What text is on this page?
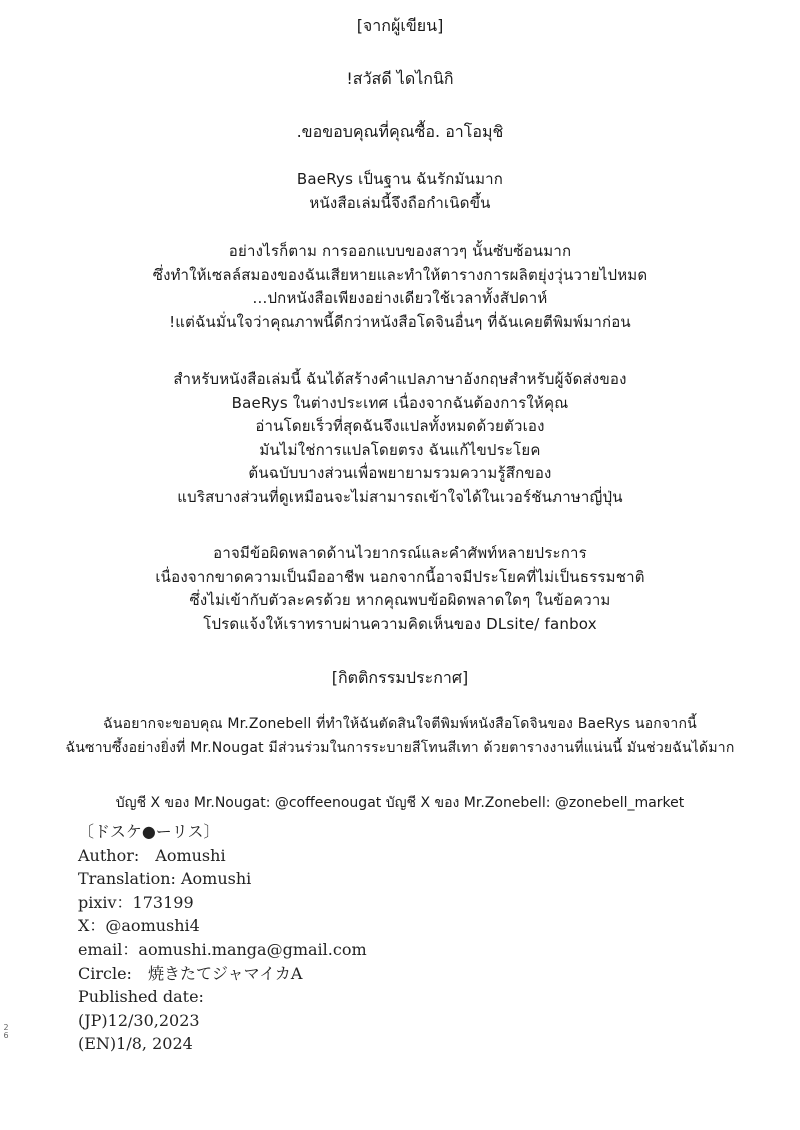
[จากผู้เขียน]
!สวัสดี ไดไกนิกิ
.ขอขอบคุณที่คุณซื้อ. อาโอมุชิ
BaeRys เป็นฐาน ฉันรักมันมาก
หนังสือเล่มนี้จึงถือกำเนิดขึ้น
อย่างไรก็ตาม การออกแบบของสาวๆ นั้นซับซ้อนมาก
ซึ่งทำให้เซลล์สมองของฉันเสียหายและทำให้ตารางการผลิตยุ่งวุ่นวายไปหมด
...ปกหนังสือเพียงอย่างเดียวใช้เวลาทั้งสัปดาห์
!แต่ฉันมั่นใจว่าคุณภาพนี้ดีกว่าหนังสือโดจินอื่นๆ ที่ฉันเคยตีพิมพ์มาก่อน
สำหรับหนังสือเล่มนี้ ฉันได้สร้างคำแปลภาษาอังกฤษสำหรับผู้จัดส่งของ
BaeRys ในต่างประเทศ เนื่องจากฉันต้องการให้คุณ
อ่านโดยเร็วที่สุดฉันจึงแปลทั้งหมดด้วยตัวเอง
มันไม่ใช่การแปลโดยตรง ฉันแก้ไขประโยค
ต้นฉบับบางส่วนเพื่อพยายามรวมความรู้สึกของ
แบริสบางส่วนที่ดูเหมือนจะไม่สามารถเข้าใจได้ในเวอร์ชันภาษาญี่ปุ่น
อาจมีข้อผิดพลาดด้านไวยากรณ์และคำศัพท์หลายประการ
เนื่องจากขาดความเป็นมืออาชีพ นอกจากนี้อาจมีประโยคที่ไม่เป็นธรรมชาติ
ซึ่งไม่เข้ากับตัวละครด้วย หากคุณพบข้อผิดพลาดใดๆ ในข้อความ
โปรดแจ้งให้เราทราบผ่านความคิดเห็นของ DLsite/ fanbox
[กิตติกรรมประกาศ]
ฉันอยากจะขอบคุณ Mr.Zonebell ที่ทำให้ฉันตัดสินใจตีพิมพ์หนังสือโดจินของ BaeRys นอกจากนี้
ฉันซาบซึ้งอย่างยิ่งที่ Mr.Nougat มีส่วนร่วมในการระบายสีโทนสีเทา ด้วยตารางงานที่แน่นนี้ มันช่วยฉันได้มาก
บัญชี X ของ Mr.Nougat: @coffeenougat บัญชี X ของ Mr.Zonebell: @zonebell_market
〔ドスケ●ーリス〕
Author:　Aomushi
Translation: Aomushi
pixiv：173199
X：@aomushi4
email：aomushi.manga@gmail.com
Circle:　焼きたてジャマイカA
Published date:
(JP)12/30,2023
(EN)1/8, 2024
2
6
